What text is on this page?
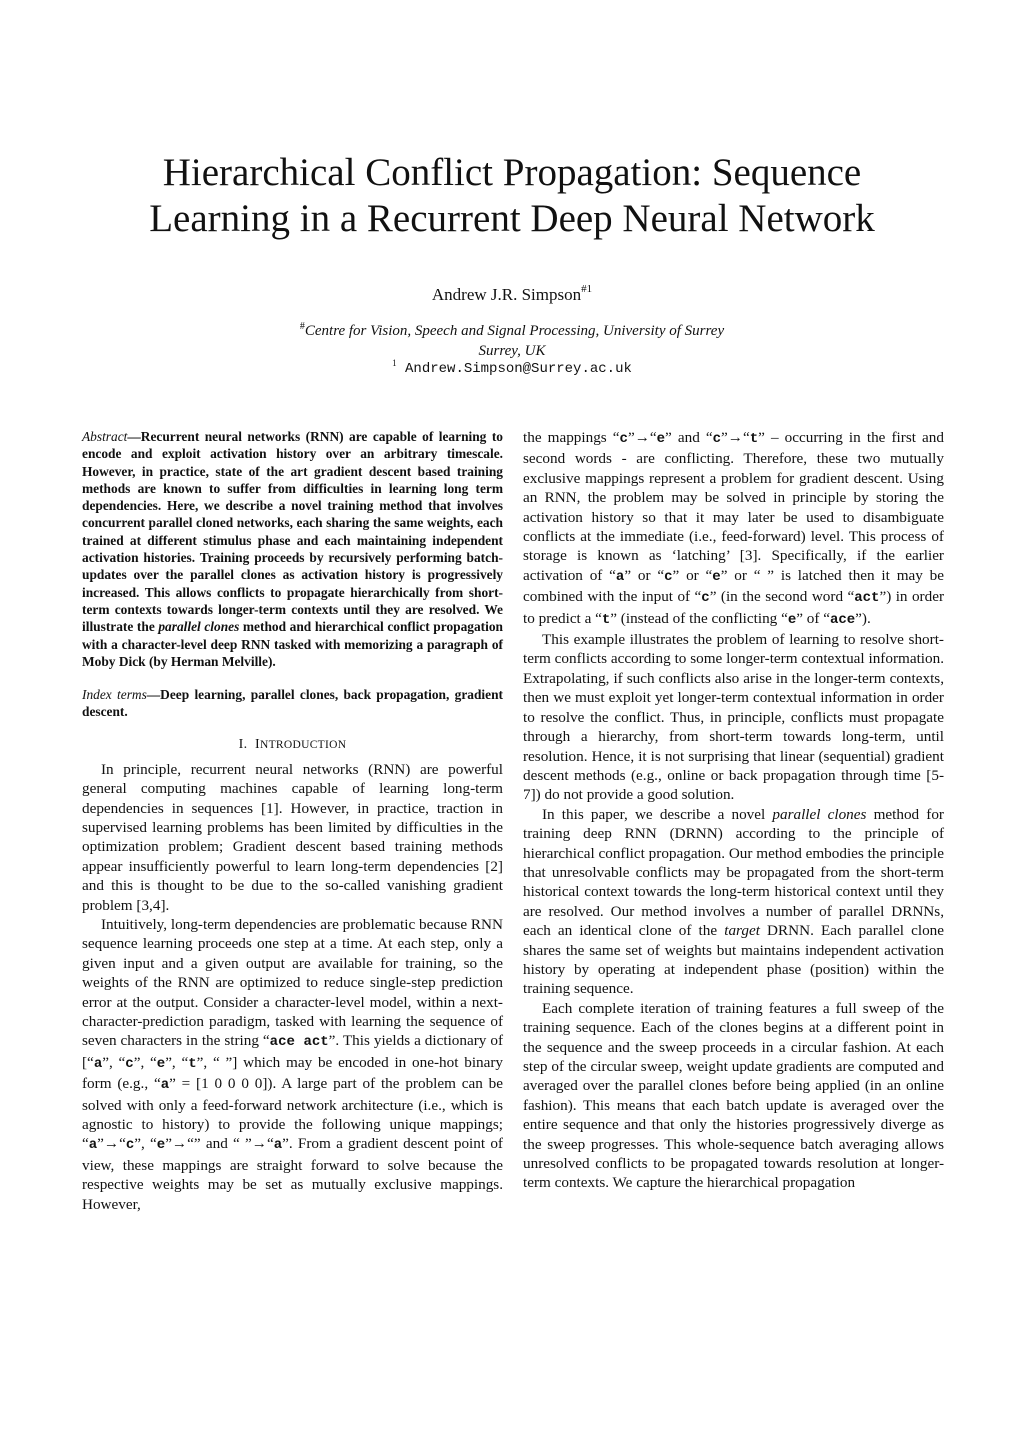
Hierarchical Conflict Propagation: Sequence
Learning in a Recurrent Deep Neural Network
Andrew J.R. Simpson$^{\#1}$
#Centre for Vision, Speech and Signal Processing, University of Surrey
Surrey, UK
$^1$ Andrew.Simpson@Surrey.ac.uk

Abstract—Recurrent neural networks (RNN) are capable of learning to encode and exploit activation history over an arbitrary timescale. However, in practice, state of the art gradient descent based training methods are known to suffer from difficulties in learning long term dependencies. Here, we describe a novel training method that involves concurrent parallel cloned networks, each sharing the same weights, each trained at different stimulus phase and each maintaining independent activation histories. Training proceeds by recursively performing batch-updates over the parallel clones as activation history is progressively increased. This allows conflicts to propagate hierarchically from short-term contexts towards longer-term contexts until they are resolved. We illustrate the parallel clones method and hierarchical conflict propagation with a character-level deep RNN tasked with memorizing a paragraph of Moby Dick (by Herman Melville).

Index terms—Deep learning, parallel clones, back propagation, gradient descent.

I. INTRODUCTION

In principle, recurrent neural networks (RNN) are powerful general computing machines capable of learning long-term dependencies in sequences [1]. However, in practice, traction in supervised learning problems has been limited by difficulties in the optimization problem; Gradient descent based training methods appear insufficiently powerful to learn long-term dependencies [2] and this is thought to be due to the so-called vanishing gradient problem [3,4].

Intuitively, long-term dependencies are problematic because RNN sequence learning proceeds one step at a time. At each step, only a given input and a given output are available for training, so the weights of the RNN are optimized to reduce single-step prediction error at the output. Consider a character-level model, within a next-character-prediction paradigm, tasked with learning the sequence of seven characters in the string “ace act”. This yields a dictionary of [“a”, “c”, “e”, “t”, “ ”] which may be encoded in one-hot binary form (e.g., “a” = [1 0 0 0 0]). A large part of the problem can be solved with only a feed-forward network architecture (i.e., which is agnostic to history) to provide the following unique mappings; “a”→“c”, “e”→“” and “ ”→“a”. From a gradient descent point of view, these mappings are straight forward to solve because the respective weights may be set as mutually exclusive mappings. However,

the mappings “c”→“e” and “c”→“t” – occurring in the first and second words - are conflicting. Therefore, these two mutually exclusive mappings represent a problem for gradient descent. Using an RNN, the problem may be solved in principle by storing the activation history so that it may later be used to disambiguate conflicts at the immediate (i.e., feed-forward) level. This process of storage is known as ‘latching’ [3]. Specifically, if the earlier activation of “a” or “c” or “e” or “ ” is latched then it may be combined with the input of “c” (in the second word “act”) in order to predict a “t” (instead of the conflicting “e” of “ace”).

This example illustrates the problem of learning to resolve short-term conflicts according to some longer-term contextual information. Extrapolating, if such conflicts also arise in the longer-term contexts, then we must exploit yet longer-term contextual information in order to resolve the conflict. Thus, in principle, conflicts must propagate through a hierarchy, from short-term towards long-term, until resolution. Hence, it is not surprising that linear (sequential) gradient descent methods (e.g., online or back propagation through time [5-7]) do not provide a good solution.

In this paper, we describe a novel parallel clones method for training deep RNN (DRNN) according to the principle of hierarchical conflict propagation. Our method embodies the principle that unresolvable conflicts may be propagated from the short-term historical context towards the long-term historical context until they are resolved. Our method involves a number of parallel DRNNs, each an identical clone of the target DRNN. Each parallel clone shares the same set of weights but maintains independent activation history by operating at independent phase (position) within the training sequence.

Each complete iteration of training features a full sweep of the training sequence. Each of the clones begins at a different point in the sequence and the sweep proceeds in a circular fashion. At each step of the circular sweep, weight update gradients are computed and averaged over the parallel clones before being applied (in an online fashion). This means that each batch update is averaged over the entire sequence and that only the histories progressively diverge as the sweep progresses. This whole-sequence batch averaging allows unresolved conflicts to be propagated towards resolution at longer-term contexts. We capture the hierarchical propagation
